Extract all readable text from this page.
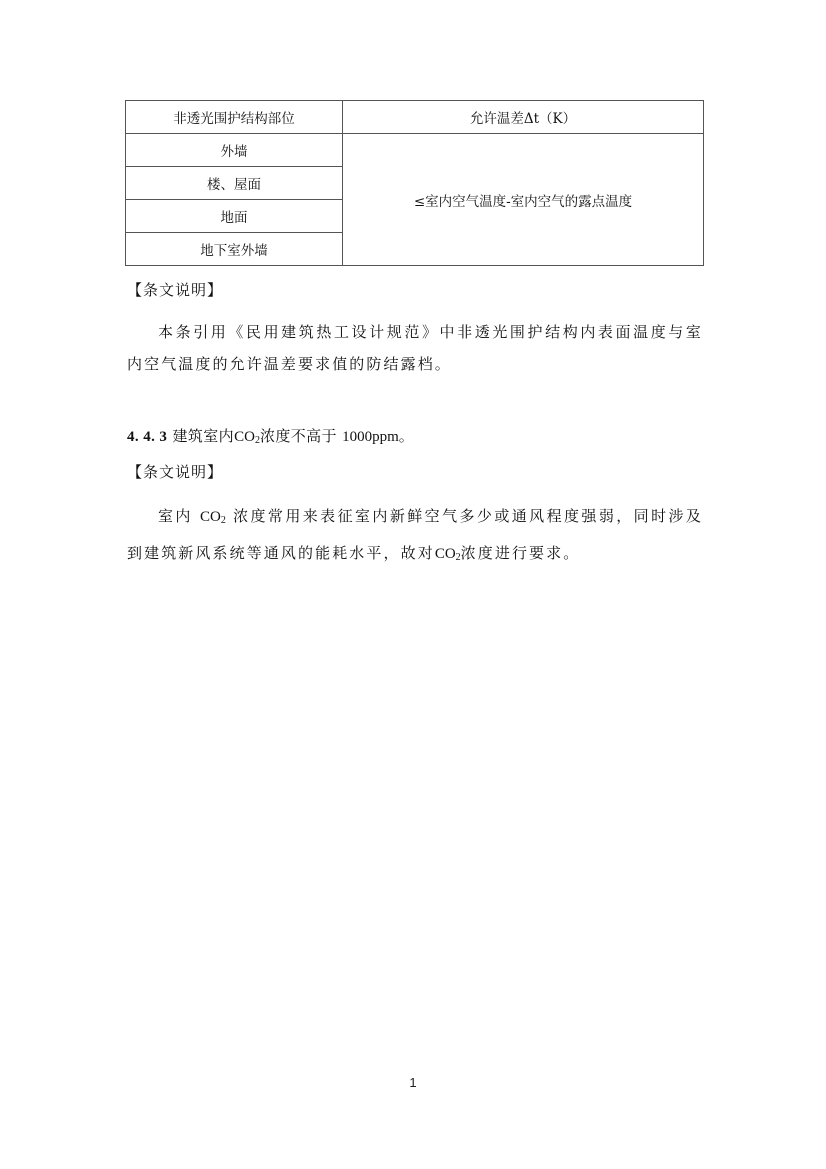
非透光围护结构部位	允许温差Δt（K）
外墙	≤室内空气温度-室内空气的露点温度
楼、屋面	
地面	
地下室外墙	
【条文说明】

本条引用《民用建筑热工设计规范》中非透光围护结构内表面温度与室内空气温度的允许温差要求值的防结露档。

4. 4. 3 建筑室内$CO_2$浓度不高于 1000ppm。
【条文说明】

室内 $CO_2$ 浓度常用来表征室内新鲜空气多少或通风程度强弱，同时涉及到建筑新风系统等通风的能耗水平，故对$CO_2$浓度进行要求。

1
